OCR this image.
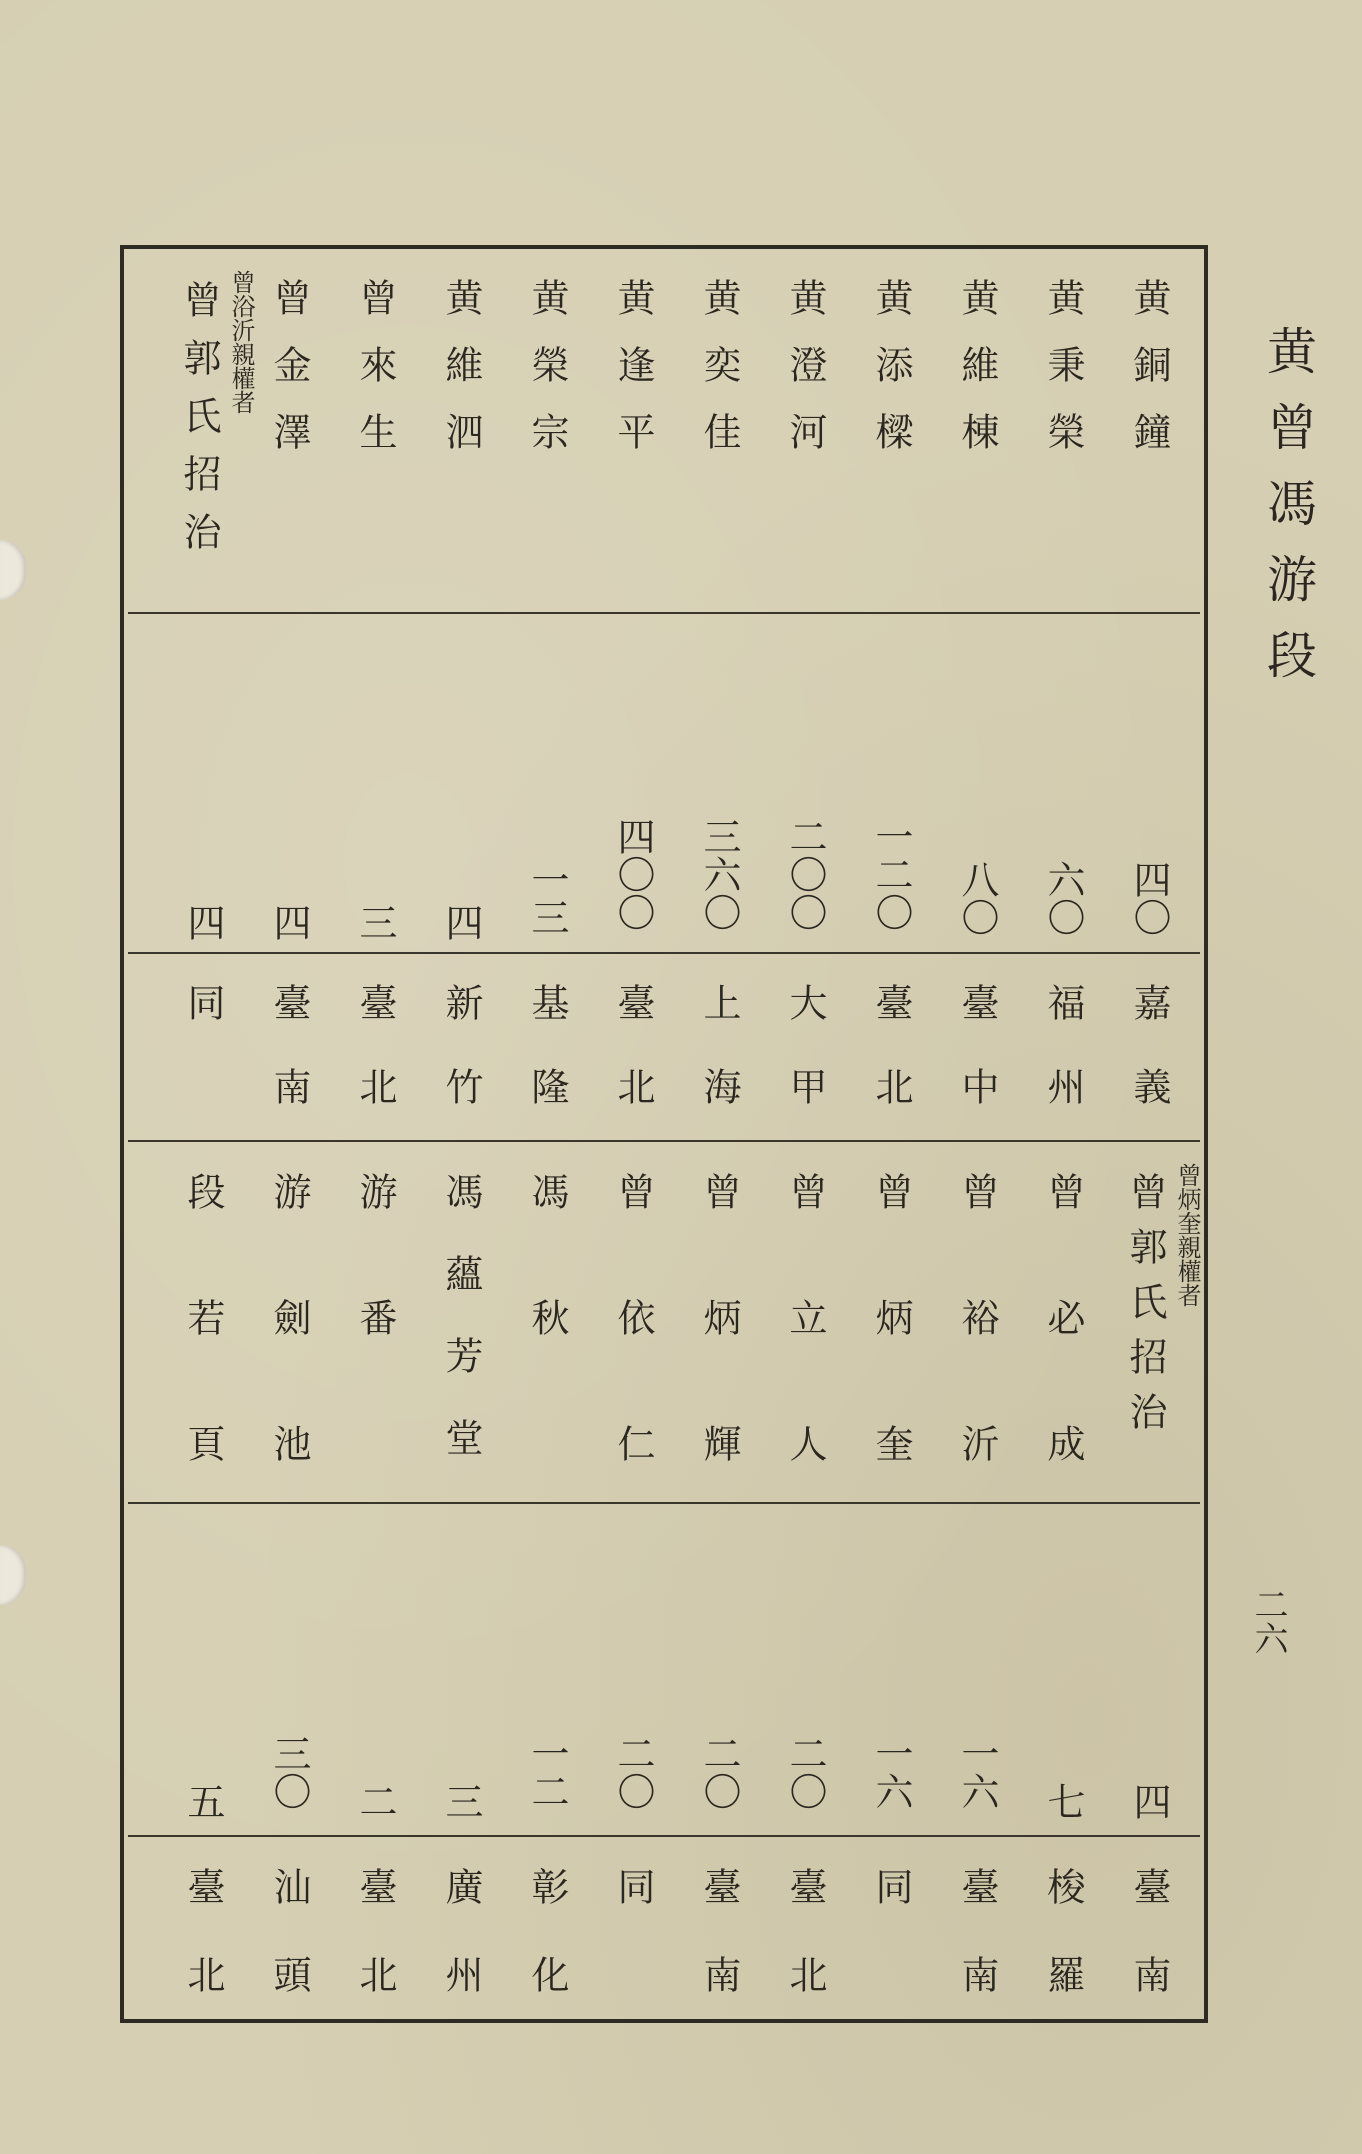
黄曾馮游段
二六
黄銅鐘
四〇
嘉義
曾炳奎親權者
曾郭氏招治
四
臺南
黄秉榮
六〇
福州
曾必成
七
梭羅
黄維棟
八〇
臺中
曾裕沂
一六
臺南
黄添樑
一二〇
臺北
曾炳奎
一六
同
黄澄河
二〇〇
大甲
曾立人
二〇
臺北
黄奕佳
三六〇
上海
曾炳輝
二〇
臺南
黄逢平
四〇〇
臺北
曾依仁
二〇
同
黄榮宗
一三
基隆
馮秋
一二
彰化
黄維泗
四
新竹
馮蘊芳堂
三
廣州
曾來生
三
臺北
游番
二
臺北
曾金澤
四
臺南
游劍池
三〇
汕頭
曾浴沂親權者
曾郭氏招治
四
同
段若頁
五
臺北
